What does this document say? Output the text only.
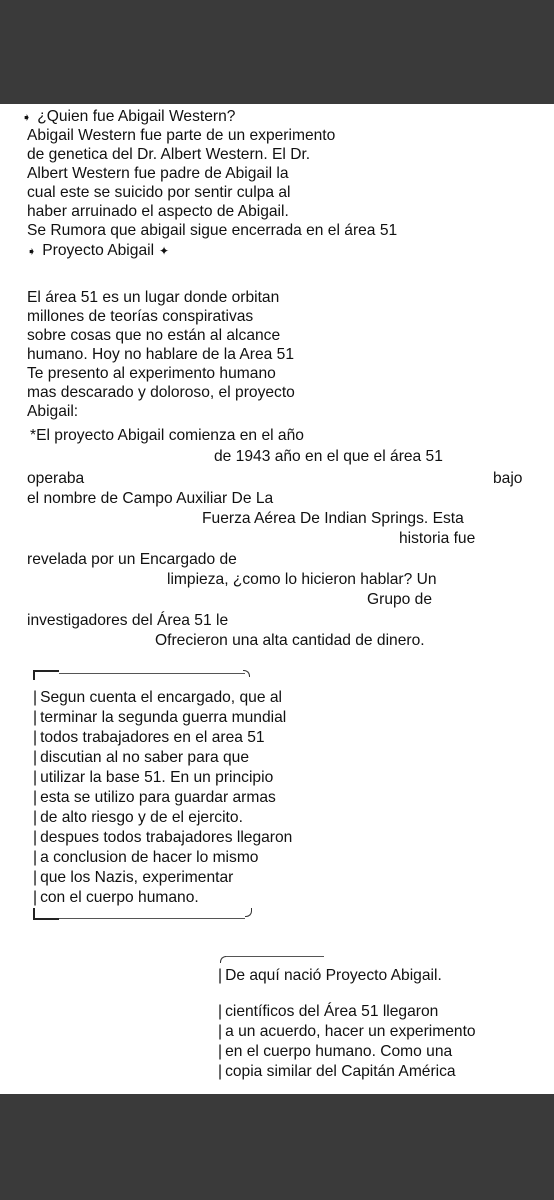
➧ ¿Quien fue Abigail Western?
Abigail Western fue parte de un experimento
de genetica del Dr. Albert Western. El Dr.
Albert Western fue padre de Abigail la
cual este se suicido por sentir culpa al
haber arruinado el aspecto de Abigail.
Se Rumora que abigail sigue encerrada en el área 51
➧ Proyecto Abigail ✦
El área 51 es un lugar donde orbitan
millones de teorías conspirativas
sobre cosas que no están al alcance
humano. Hoy no hablare de la Area 51
Te presento al experimento humano
mas descarado y doloroso, el proyecto
Abigail:
*El proyecto Abigail comienza en el año
de 1943 año en el que el área 51
operaba	bajo
el nombre de Campo Auxiliar De La
Fuerza Aérea De Indian Springs. Esta
historia fue
revelada por un Encargado de
limpieza, ¿como lo hicieron hablar? Un
Grupo de
investigadores del Área 51 le
Ofrecieron una alta cantidad de dinero.
| Segun cuenta el encargado, que al
| terminar la segunda guerra mundial
| todos trabajadores en el area 51
| discutian al no saber para que
| utilizar la base 51. En un principio
| esta se utilizo para guardar armas
| de alto riesgo y de el ejercito.
| despues todos trabajadores llegaron
| a conclusion de hacer lo mismo
| que los Nazis, experimentar
| con el cuerpo humano.
| De aquí nació Proyecto Abigail.
| científicos del Área 51 llegaron
| a un acuerdo, hacer un experimento
| en el cuerpo humano. Como una
| copia similar del Capitán América
